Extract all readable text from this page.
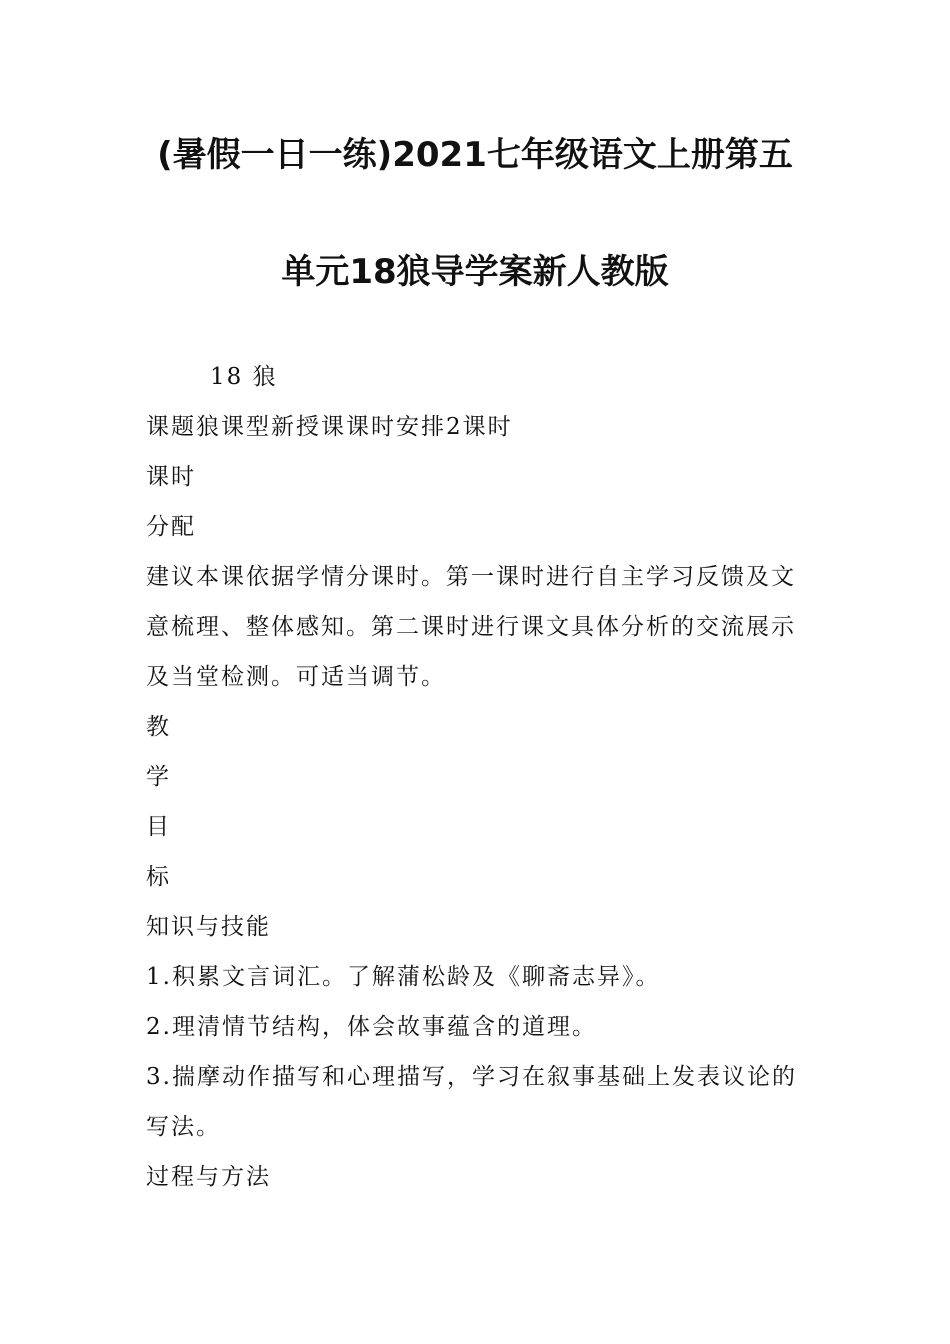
(暑假一日一练)2021七年级语文上册第五
单元18狼导学案新人教版

18 狼

课题狼课型新授课课时安排2课时

课时

分配

建议本课依据学情分课时。第一课时进行自主学习反馈及文意梳理、整体感知。第二课时进行课文具体分析的交流展示及当堂检测。可适当调节。

教

学

目

标

知识与技能

1.积累文言词汇。了解蒲松龄及《聊斋志异》。

2.理清情节结构，体会故事蕴含的道理。

3.揣摩动作描写和心理描写，学习在叙事基础上发表议论的写法。

过程与方法
